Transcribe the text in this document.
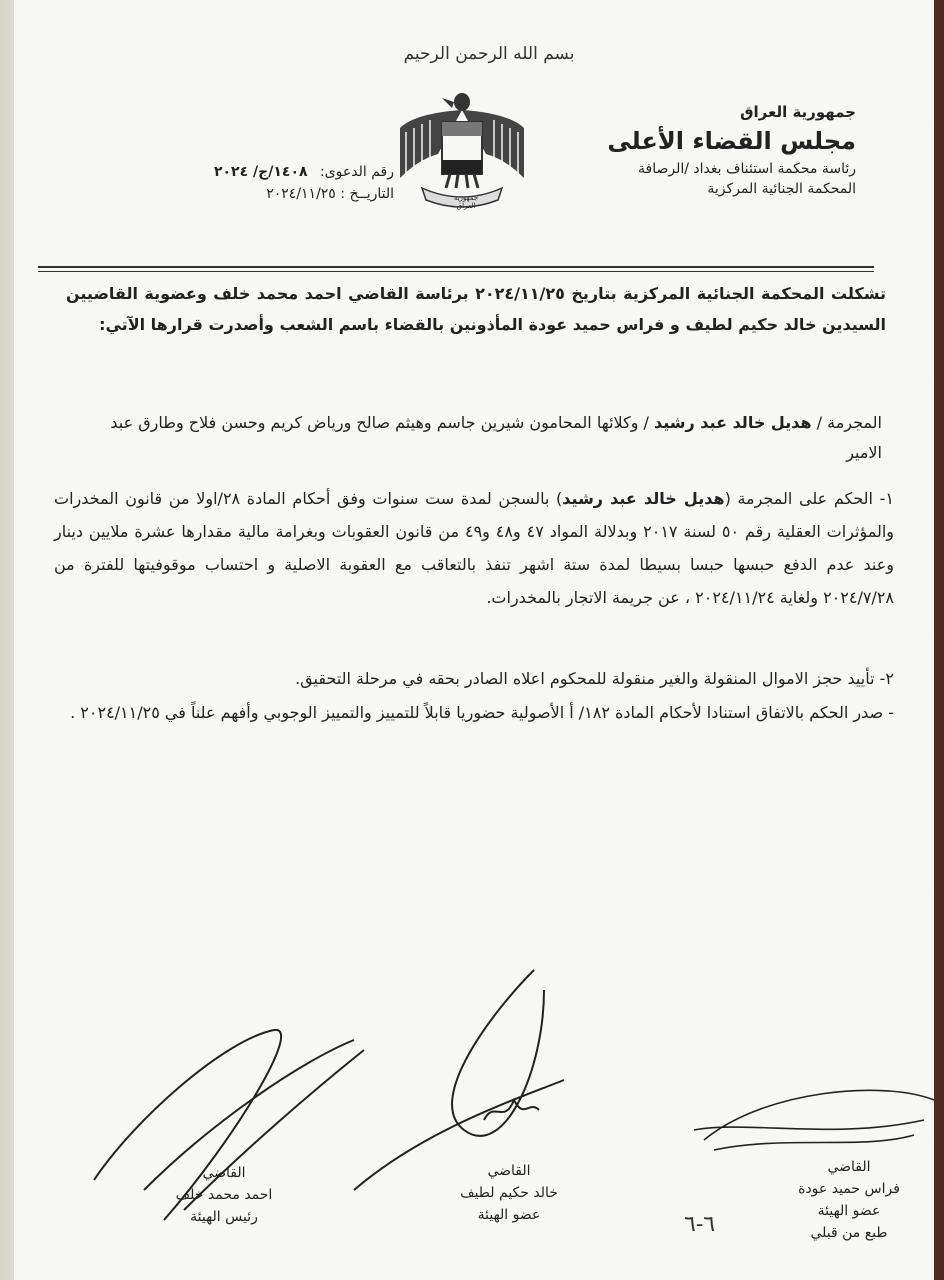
بسم الله الرحمن الرحيم
جمهورية العراق
جمهورية العراق
مجلس القضاء الأعلى
رئاسة محكمة استئناف بغداد /الرصافة
المحكمة الجنائية المركزية
رقم الدعوى: ١٤٠٨/ج/ ٢٠٢٤
التاريــخ : ٢٠٢٤/١١/٢٥
تشكلت المحكمة الجنائية المركزية بتاريخ ٢٠٢٤/١١/٢٥ برئاسة القاضي احمد محمد خلف وعضوية القاضيين السيدين خالد حكيم لطيف و فراس حميد عودة المأذونين بالقضاء باسم الشعب وأصدرت قرارها الآتي:
المجرمة / هديل خالد عبد رشيد / وكلائها المحامون شيرين جاسم وهيثم صالح ورياض كريم وحسن فلاح وطارق عبد الامير
١- الحكم على المجرمة (هديل خالد عبد رشيد) بالسجن لمدة ست سنوات وفق أحكام المادة ٢٨/اولا من قانون المخدرات والمؤثرات العقلية رقم ٥٠ لسنة ٢٠١٧ وبدلالة المواد ٤٧ و٤٨ و٤٩ من قانون العقوبات وبغرامة مالية مقدارها عشرة ملايين دينار وعند عدم الدفع حبسها حبسا بسيطا لمدة ستة اشهر تنفذ بالتعاقب مع العقوبة الاصلية و احتساب موقوفيتها للفترة من ٢٠٢٤/٧/٢٨ ولغاية ٢٠٢٤/١١/٢٤ ، عن جريمة الاتجار بالمخدرات.
٢- تأييد حجز الاموال المنقولة والغير منقولة للمحكوم اعلاه الصادر بحقه في مرحلة التحقيق.
- صدر الحكم بالاتفاق استنادا لأحكام المادة ١٨٢/ أ الأصولية حضوريا قابلاً للتمييز والتمييز الوجوبي وأفهم علناً في ٢٠٢٤/١١/٢٥ .
القاضي
احمد محمد خلف
رئيس الهيئة
القاضي
خالد حكيم لطيف
عضو الهيئة
القاضي
فراس حميد عودة
عضو الهيئة
طبع من قبلي
٦-٦
